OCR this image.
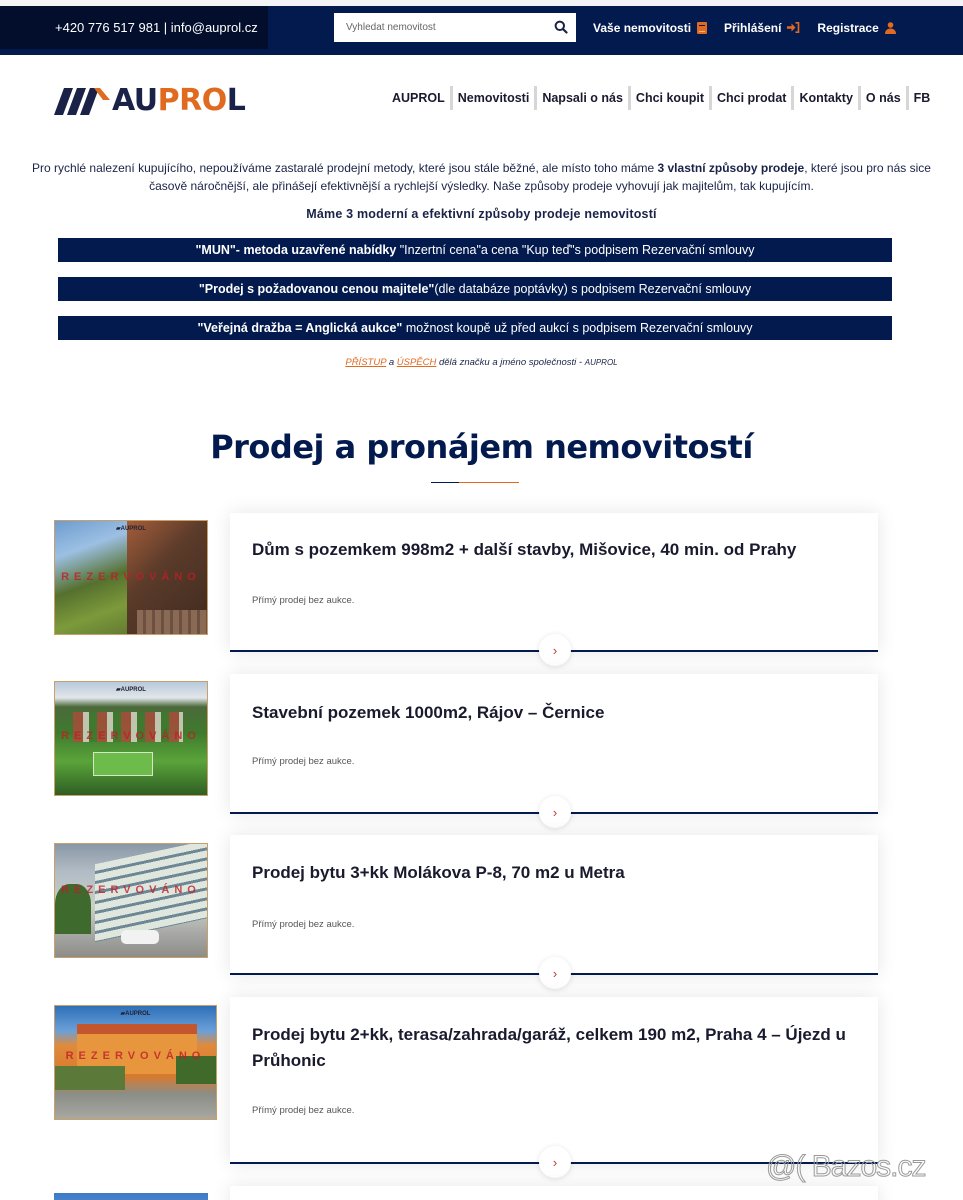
+420 776 517 981 | info@auprol.cz
Vyhledat nemovitost	Vaše nemovitosti	Přihlášení	Registrace
AUPROL	AUPROL	Nemovitosti	Napsali o nás	Chci koupit	Chci prodat	Kontakty	O nás	FB

Pro rychlé nalezení kupujícího, nepoužíváme zastaralé prodejní metody, které jsou stále běžné, ale místo toho máme 3 vlastní způsoby prodeje, které jsou pro nás sice časově náročnější, ale přinášejí efektivnější a rychlejší výsledky. Naše způsoby prodeje vyhovují jak majitelům, tak kupujícím.

Máme 3 moderní a efektivní způsoby prodeje nemovitostí
"MUN"- metoda uzavřené nabídky "Inzertní cena"a cena "Kup teď"s podpisem Rezervační smlouvy
"Prodej s požadovanou cenou majitele"(dle databáze poptávky) s podpisem Rezervační smlouvy
"Veřejná dražba = Anglická aukce" možnost koupě už před aukcí s podpisem Rezervační smlouvy
PŘÍSTUP a ÚSPĚCH dělá značku a jméno společnosti - AUPROL
Prodej a pronájem nemovitostí
▰AUPROL
REZERVOVÁNO
Dům s pozemkem 998m2 + další stavby, Mišovice, 40 min. od Prahy
Přímý prodej bez aukce.
›
▰AUPROL
REZERVOVÁNO
Stavební pozemek 1000m2, Rájov – Černice
Přímý prodej bez aukce.
›
REZERVOVÁNO
Prodej bytu 3+kk Molákova P-8, 70 m2 u Metra
Přímý prodej bez aukce.
›
▰AUPROL
REZERVOVÁNO
Prodej bytu 2+kk, terasa/zahrada/garáž, celkem 190 m2, Praha 4 – Újezd u Průhonic
Přímý prodej bez aukce.
›	@( Bazos.cz
